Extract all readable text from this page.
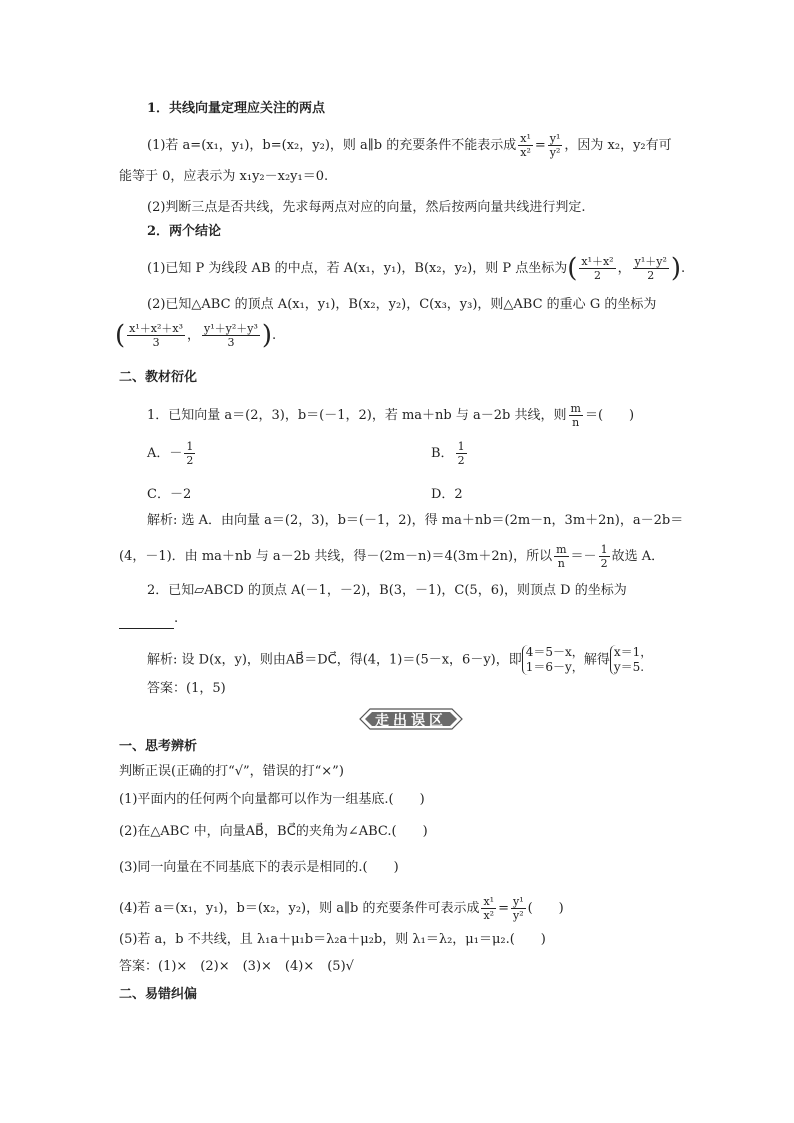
1．共线向量定理应关注的两点
(1)若 a=(x₁，y₁)，b=(x₂，y₂)，则 a∥b 的充要条件不能表示成 $\frac{\text{x¹}}{\text{x²}} = \frac{\text{y¹}}{\text{y²}}$ ，因为 x₂，y₂有可
能等于 0，应表示为 x₁y₂－x₂y₁＝0.
(2)判断三点是否共线，先求每两点对应的向量，然后按两向量共线进行判定.
2．两个结论
(1)已知 P 为线段 AB 的中点，若 A(x₁，y₁)，B(x₂，y₂)，则 P 点坐标为( $\frac{\text{x¹＋x²}}{2}$ ， $\frac{\text{y¹＋y²}}{2}$ ).
(2)已知△ABC 的顶点 A(x₁，y₁)，B(x₂，y₂)，C(x₃，y₃)，则△ABC 的重心 G 的坐标为
( $\frac{\text{x¹＋x²＋x³}}{3}$ ， $\frac{\text{y¹＋y²＋y³}}{3}$ ).
二、教材衍化
1．已知向量 a＝(2，3)，b＝(－1，2)，若 ma＋nb 与 a－2b 共线，则 $\frac{m}{n}$ ＝(　　)
A．－ $\frac{1}{2}$	B． $\frac{1}{2}$
C．－2	D．2
解析: 选 A．由向量 a＝(2，3)，b＝(－1，2)，得 ma＋nb＝(2m－n，3m＋2n)，a－2b＝
(4，－1)．由 ma＋nb 与 a－2b 共线，得－(2m－n)＝4(3m＋2n)，所以 $\frac{m}{n} =- \frac{1}{2}$ 故选 A．
2．已知▱ABCD 的顶点 A(－1，－2)，B(3，－1)，C(5，6)，则顶点 D 的坐标为
.
解析: 设 D(x，y)，则由AB⃗＝DC⃗，得(4，1)＝(5－x，6－y)，即4＝5－x，
1＝6－y，解得x＝1，
y＝5.
答案：(1，5)
走出误区
一、思考辨析
判断正误(正确的打“√”，错误的打“×”)
(1)平面内的任何两个向量都可以作为一组基底.(　　)
(2)在△ABC 中，向量AB⃗，BC⃗的夹角为∠ABC.(　　)
(3)同一向量在不同基底下的表示是相同的.(　　)
(4)若 a＝(x₁，y₁)，b＝(x₂，y₂)，则 a∥b 的充要条件可表示成 $\frac{\text{x¹}}{\text{x²}} = \frac{\text{y¹}}{\text{y²}}$ (　　)
(5)若 a，b 不共线，且 λ₁a＋μ₁b＝λ₂a＋μ₂b，则 λ₁＝λ₂，μ₁＝μ₂.(　　)
答案：(1)×　(2)×　(3)×　(4)×　(5)√
二、易错纠偏
